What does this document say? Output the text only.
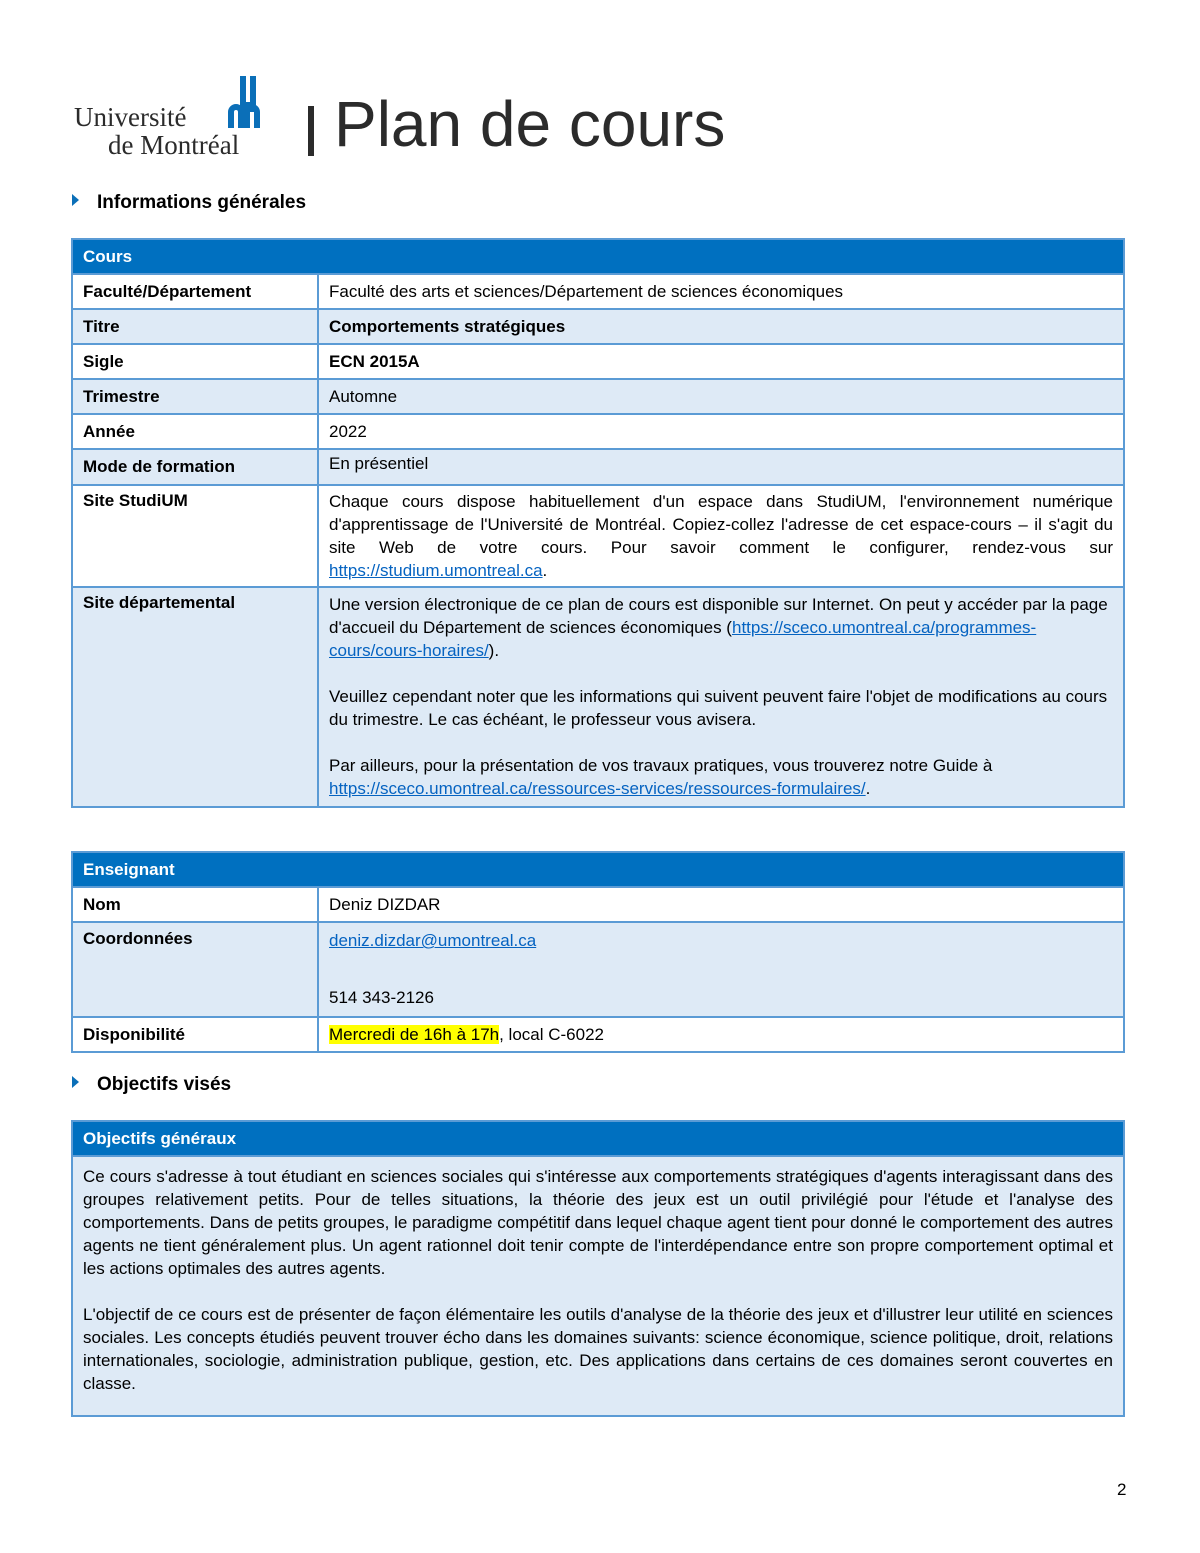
Université
de Montréal Plan de cours
Informations générales
Cours	
Faculté/Département	Faculté des arts et sciences/Département de sciences économiques
Titre	Comportements stratégiques
Sigle	ECN 2015A
Trimestre	Automne
Année	2022
Mode de formation	En présentiel
Site StudiUM	Chaque cours dispose habituellement d'un espace dans StudiUM, l'environnement numérique d'apprentissage de l'Université de Montréal. Copiez-collez l'adresse de cet espace-cours – il s'agit du site Web de votre cours. Pour savoir comment le configurer, rendez-vous sur https://studium.umontreal.ca.
Site départemental	Une version électronique de ce plan de cours est disponible sur Internet. On peut y accéder par la page d'accueil du Département de sciences économiques (https://sceco.umontreal.ca/programmes-cours/cours-horaires/).

Veuillez cependant noter que les informations qui suivent peuvent faire l'objet de modifications au cours du trimestre. Le cas échéant, le professeur vous avisera.

Par ailleurs, pour la présentation de vos travaux pratiques, vous trouverez notre Guide à https://sceco.umontreal.ca/ressources-services/ressources-formulaires/.

Enseignant	
Nom	Deniz DIZDAR
Coordonnées	deniz.dizdar@umontreal.ca

514 343-2126

Disponibilité	Mercredi de 16h à 17h, local C-6022
Objectifs visés
Objectifs généraux

Ce cours s'adresse à tout étudiant en sciences sociales qui s'intéresse aux comportements stratégiques d'agents interagissant dans des groupes relativement petits. Pour de telles situations, la théorie des jeux est un outil privilégié pour l'étude et l'analyse des comportements. Dans de petits groupes, le paradigme compétitif dans lequel chaque agent tient pour donné le comportement des autres agents ne tient généralement plus. Un agent rationnel doit tenir compte de l'interdépendance entre son propre comportement optimal et les actions optimales des autres agents.

L'objectif de ce cours est de présenter de façon élémentaire les outils d'analyse de la théorie des jeux et d'illustrer leur utilité en sciences sociales. Les concepts étudiés peuvent trouver écho dans les domaines suivants: science économique, science politique, droit, relations internationales, sociologie, administration publique, gestion, etc. Des applications dans certains de ces domaines seront couvertes en classe.

2
